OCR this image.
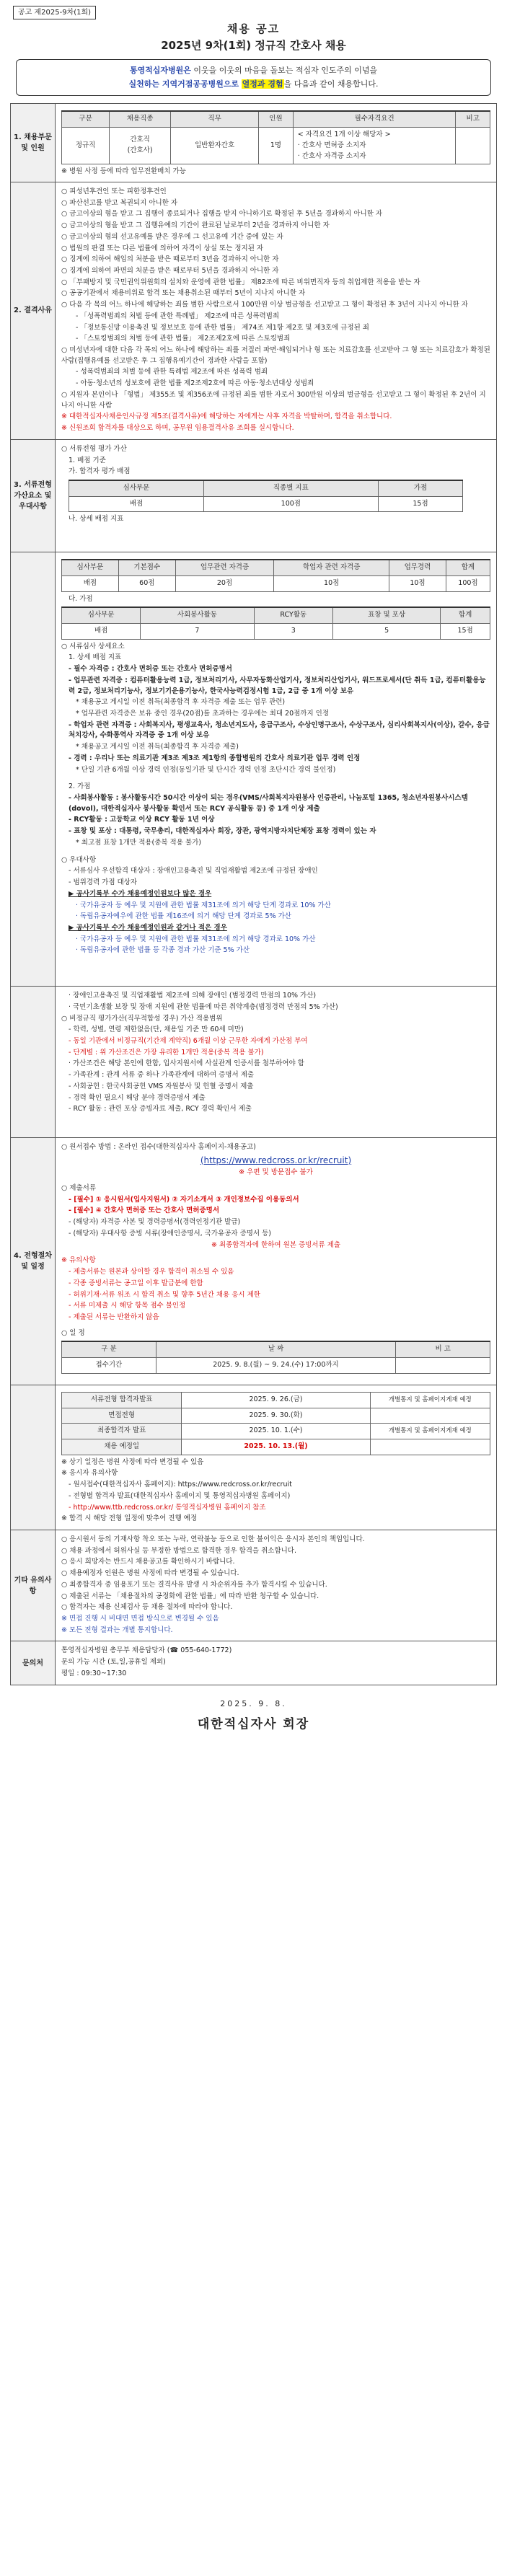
공고 제2025-9차(1회)
채용 공고
2025년 9차(1회) 정규직 간호사 채용
통영적십자병원은 이웃을 이웃의 마음을 돌보는 적십자 인도주의 이념을
실천하는 지역거점공공병원으로 열정과 경험을 다음과 같이 채용합니다.
1. 채용부문 및 인원	
구분	채용직종	직무	인원	필수자격요건	비고
정규직	간호직
(간호사)	일반환자간호	1명	< 자격요건 1개 이상 해당자 >
· 간호사 면허증 소지자
· 간호사 자격증 소지자	

※ 병원 사정 등에 따라 업무전환배치 가능

2. 결격사유	

○ 피성년후견인 또는 피한정후견인

○ 파산선고를 받고 복권되지 아니한 자

○ 금고이상의 형을 받고 그 집행이 종료되거나 집행을 받지 아니하기로 확정된 후 5년을 경과하지 아니한 자

○ 금고이상의 형을 받고 그 집행유예의 기간이 완료된 날로부터 2년을 경과하지 아니한 자

○ 금고이상의 형의 선고유예를 받은 경우에 그 선고유예 기간 중에 있는 자

○ 법원의 판결 또는 다른 법률에 의하여 자격이 상실 또는 정지된 자

○ 징계에 의하여 해임의 처분을 받은 때로부터 3년을 경과하지 아니한 자

○ 징계에 의하여 파면의 처분을 받은 때로부터 5년을 경과하지 아니한 자

○ 「부패방지 및 국민권익위원회의 설치와 운영에 관한 법률」 제82조에 따른 비위면직자 등의 취업제한 적용을 받는 자

○ 공공기관에서 채용비위로 합격 또는 채용취소된 때부터 5년이 지나지 아니한 자

○ 다음 각 목의 어느 하나에 해당하는 죄를 범한 사람으로서 100만원 이상 벌금형을 선고받고 그 형이 확정된 후 3년이 지나지 아니한 자

- 「성폭력범죄의 처벌 등에 관한 특례법」 제2조에 따른 성폭력범죄

- 「정보통신망 이용촉진 및 정보보호 등에 관한 법률」 제74조 제1항 제2호 및 제3호에 규정된 죄

- 「스토킹범죄의 처벌 등에 관한 법률」 제2조제2호에 따른 스토킹범죄

○ 미성년자에 대한 다음 각 목의 어느 하나에 해당하는 죄를 저질러 파면·해임되거나 형 또는 치료감호를 선고받아 그 형 또는 치료감호가 확정된 사람(집행유예를 선고받은 후 그 집행유예기간이 경과한 사람을 포함)

- 성폭력범죄의 처벌 등에 관한 특례법 제2조에 따른 성폭력 범죄

- 아동·청소년의 성보호에 관한 법률 제2조제2호에 따른 아동·청소년대상 성범죄

○ 지원자 본인이나 「형법」 제355조 및 제356조에 규정된 죄를 범한 자로서 300만원 이상의 벌금형을 선고받고 그 형이 확정된 후 2년이 지나지 아니한 사람

※ 대한적십자사채용인사규정 제5조(결격사유)에 해당하는 자에게는 사후 자격을 박탈하며, 합격을 취소합니다.

※ 신원조회 합격자를 대상으로 하며, 공무원 임용결격사유 조회를 실시합니다.

3. 서류전형 가산요소 및 우대사항	

○ 서류전형 평가 가산

1. 배점 기준

가. 합격자 평가 배점

심사부문	직종별 지표	가점
배점	100점	15점

나. 상세 배점 지표

심사부문	기본점수	업무관련 자격증	학업자 관련 자격증	업무경력	합계
배점	60점	20점	10점	10점	100점

다. 가점

심사부문	사회봉사활동	RCY활동	표창 및 포상	합계
배점	7	3	5	15점

○ 서류심사 상세요소

1. 상세 배점 지표

- 필수 자격증 : 간호사 면허증 또는 간호사 면허증명서

- 업무관련 자격증 : 컴퓨터활용능력 1급, 정보처리기사, 사무자동화산업기사, 정보처리산업기사, 워드프로세서(단 취득 1급, 컴퓨터활용능력 2급, 정보처리기능사, 정보기기운용기능사, 한국사능력검정시험 1급, 2급 중 1개 이상 보유

* 채용공고 게시일 이전 취득(최종합격 후 자격증 제출 또는 업무 관련)

* 업무관련 자격증은 보유 중인 경우(20점)를 초과하는 경우에는 최대 20점까지 인정

- 학업자 관련 자격증 : 사회복지사, 평생교육사, 청소년지도사, 응급구조사, 수상인명구조사, 수상구조사, 심리사회복지사(이상), 갈수, 응급처치강사, 수화통역사 자격증 중 1개 이상 보유

* 채용공고 게시일 이전 취득(최종합격 후 자격증 제출)

- 경력 : 우리나 또는 의료기관 제3조 제3조 제1항의 종합병원의 간호사 의료기관 업무 경력 인정

* 단일 기관 6개월 이상 경력 인정(동일기관 및 단시간 경력 인정 초단시간 경력 불인정)

2. 가점

- 사회봉사활동 : 봉사활동시간 50시간 이상이 되는 경우(VMS/사회복지자원봉사 인증관리, 나눔포털 1365, 청소년자원봉사시스템(dovol), 대한적십자사 봉사활동 확인서 또는 RCY 공식활동 등) 중 1개 이상 제출

- RCY활동 : 고등학교 이상 RCY 활동 1년 이상

- 표창 및 포상 : 대통령, 국무총리, 대한적십자사 회장, 장관, 광역지방자치단체장 표창 경력이 있는 자

* 최고점 표창 1개만 적용(중복 적용 불가)

○ 우대사항

- 서류심사 우선합격 대상자 : 장애인고용촉진 및 직업재활법 제2조에 규정된 장애인

- 범위경력 가점 대상자

▶ 공사기록부 수가 채용예정인원보다 많은 경우

· 국가유공자 등 예우 및 지원에 관한 법률 제31조에 의거 해당 단계 경과로 10% 가산

· 독립유공자예우에 관한 법률 제16조에 의거 해당 단계 경과로 5% 가산

▶ 공사기록부 수가 채용예정인원과 같거나 적은 경우

· 국가유공자 등 예우 및 지원에 관한 법률 제31조에 의거 해당 경과로 10% 가산

· 독립유공자에 관한 법률 등 각종 경과 가산 기준 5% 가산

· 장애인고용촉진 및 직업재활법 제2조에 의해 장애인 (범정경력 만점의 10% 가산)

· 국민기초생활 보장 및 장애 지원에 관한 법률에 따른 취약계층(범정경력 만점의 5% 가산)

○ 비정규직 평가가산(직무적합성 경우) 가산 적용범위

- 학력, 성별, 연령 제한없음(단, 채용일 기준 만 60세 미만)

- 동일 기관에서 비정규직(기간제 계약직) 6개월 이상 근무한 자에게 가산점 부여

- 단계별 : 위 가산조건은 가장 유리한 1개만 적용(중복 적용 불가)

· 가산조건은 해당 본인에 한함, 입사지원서에 사실관계 인증서를 첨부하여야 함

- 가족관계 : 관계 서류 중 하나 가족관계에 대하여 증명서 제출

- 사회공헌 : 한국사회공헌 VMS 자원봉사 및 헌혈 증명서 제출

- 경력 확인 필요시 해당 분야 경력증명서 제출

- RCY 활동 : 관련 포상 증빙자료 제출, RCY 경력 확인서 제출

4. 전형절차 및 일정	

○ 원서접수 방법 : 온라인 접수(대한적십자사 홈페이지-채용공고)

(https://www.redcross.or.kr/recruit)

※ 우편 및 방문접수 불가

○ 제출서류

- [필수] ① 응시원서(입사지원서) ② 자기소개서 ③ 개인정보수집 이용동의서

- [필수] ④ 간호사 면허증 또는 간호사 면허증명서

- (해당자) 자격증 사본 및 경력증명서(경력인정기관 발급)

- (해당자) 우대사항 증빙 서류(장애인증명서, 국가유공자 증명서 등)

※ 최종합격자에 한하여 원본 증빙서류 제출

※ 유의사항

- 제출서류는 원본과 상이할 경우 합격이 취소될 수 있음

- 각종 증빙서류는 공고일 이후 발급분에 한함

- 허위기재·서류 위조 시 합격 취소 및 향후 5년간 채용 응시 제한

- 서류 미제출 시 해당 항목 점수 불인정

- 제출된 서류는 반환하지 않음

○ 일 정

구 분	날 짜	비 고
접수기간	2025. 9. 8.(월) ~ 9. 24.(수) 17:00까지	

서류전형 합격자발표	2025. 9. 26.(금)	개별통지 및 홈페이지게재 예정
면접전형	2025. 9. 30.(화)	
최종합격자 발표	2025. 10. 1.(수)	개별통지 및 홈페이지게재 예정
채용 예정일	2025. 10. 13.(월)	

※ 상기 일정은 병원 사정에 따라 변경될 수 있음

※ 응시자 유의사항

- 원서접수(대한적십자사 홈페이지): https://www.redcross.or.kr/recruit

- 전형별 합격자 발표(대한적십자사 홈페이지 및 통영적십자병원 홈페이지)

- http://www.ttb.redcross.or.kr/ 통영적십자병원 홈페이지 참조

※ 합격 시 해당 전형 일정에 맞추어 진행 예정

기타 유의사항	

○ 응시원서 등의 기재사항 착오 또는 누락, 연락불능 등으로 인한 불이익은 응시자 본인의 책임입니다.

○ 채용 과정에서 허위사실 등 부정한 방법으로 합격한 경우 합격을 취소합니다.

○ 응시 희망자는 반드시 채용공고를 확인하시기 바랍니다.

○ 채용예정자 인원은 병원 사정에 따라 변경될 수 있습니다.

○ 최종합격자 중 임용포기 또는 결격사유 발생 시 차순위자를 추가 합격시킬 수 있습니다.

○ 제출된 서류는 「채용절차의 공정화에 관한 법률」에 따라 반환 청구할 수 있습니다.

○ 합격자는 채용 신체검사 등 채용 절차에 따라야 합니다.

※ 면접 진행 시 비대면 면접 방식으로 변경될 수 있음

※ 모든 전형 결과는 개별 통지합니다.

문의처	

통영적십자병원 총무부 채용담당자 (☎ 055-640-1772)

문의 가능 시간 (토,일,공휴일 제외)

평일 : 09:30~17:30

2025. 9. 8.
대한적십자사 회장
